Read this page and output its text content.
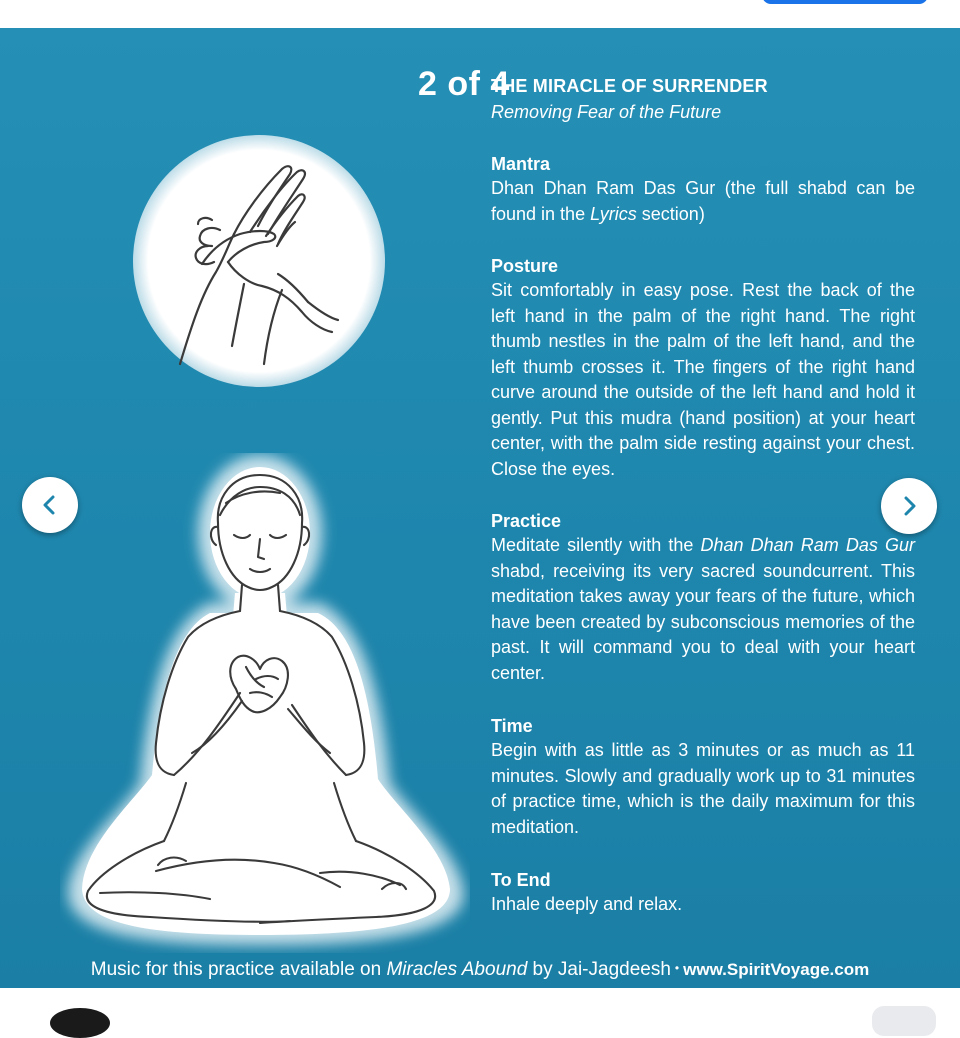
2 of 4
THE MIRACLE OF SURRENDER
Removing Fear of the Future
Mantra

Dhan Dhan Ram Das Gur (the full shabd can be found in the Lyrics section)

Posture

Sit comfortably in easy pose. Rest the back of the left hand in the palm of the right hand. The right thumb nestles in the palm of the left hand, and the left thumb crosses it. The fingers of the right hand curve around the outside of the left hand and hold it gently. Put this mudra (hand position) at your heart center, with the palm side resting against your chest. Close the eyes.

Practice

Meditate silently with the Dhan Dhan Ram Das Gur shabd, receiving its very sacred soundcurrent. This meditation takes away your fears of the future, which have been created by subconscious memories of the past. It will command you to deal with your heart center.

Time

Begin with as little as 3 minutes or as much as 11 minutes. Slowly and gradually work up to 31 minutes of practice time, which is the daily maximum for this meditation.

To End

Inhale deeply and relax.

Music for this practice available on Miracles Abound by Jai-Jagdeesh • www.SpiritVoyage.com
